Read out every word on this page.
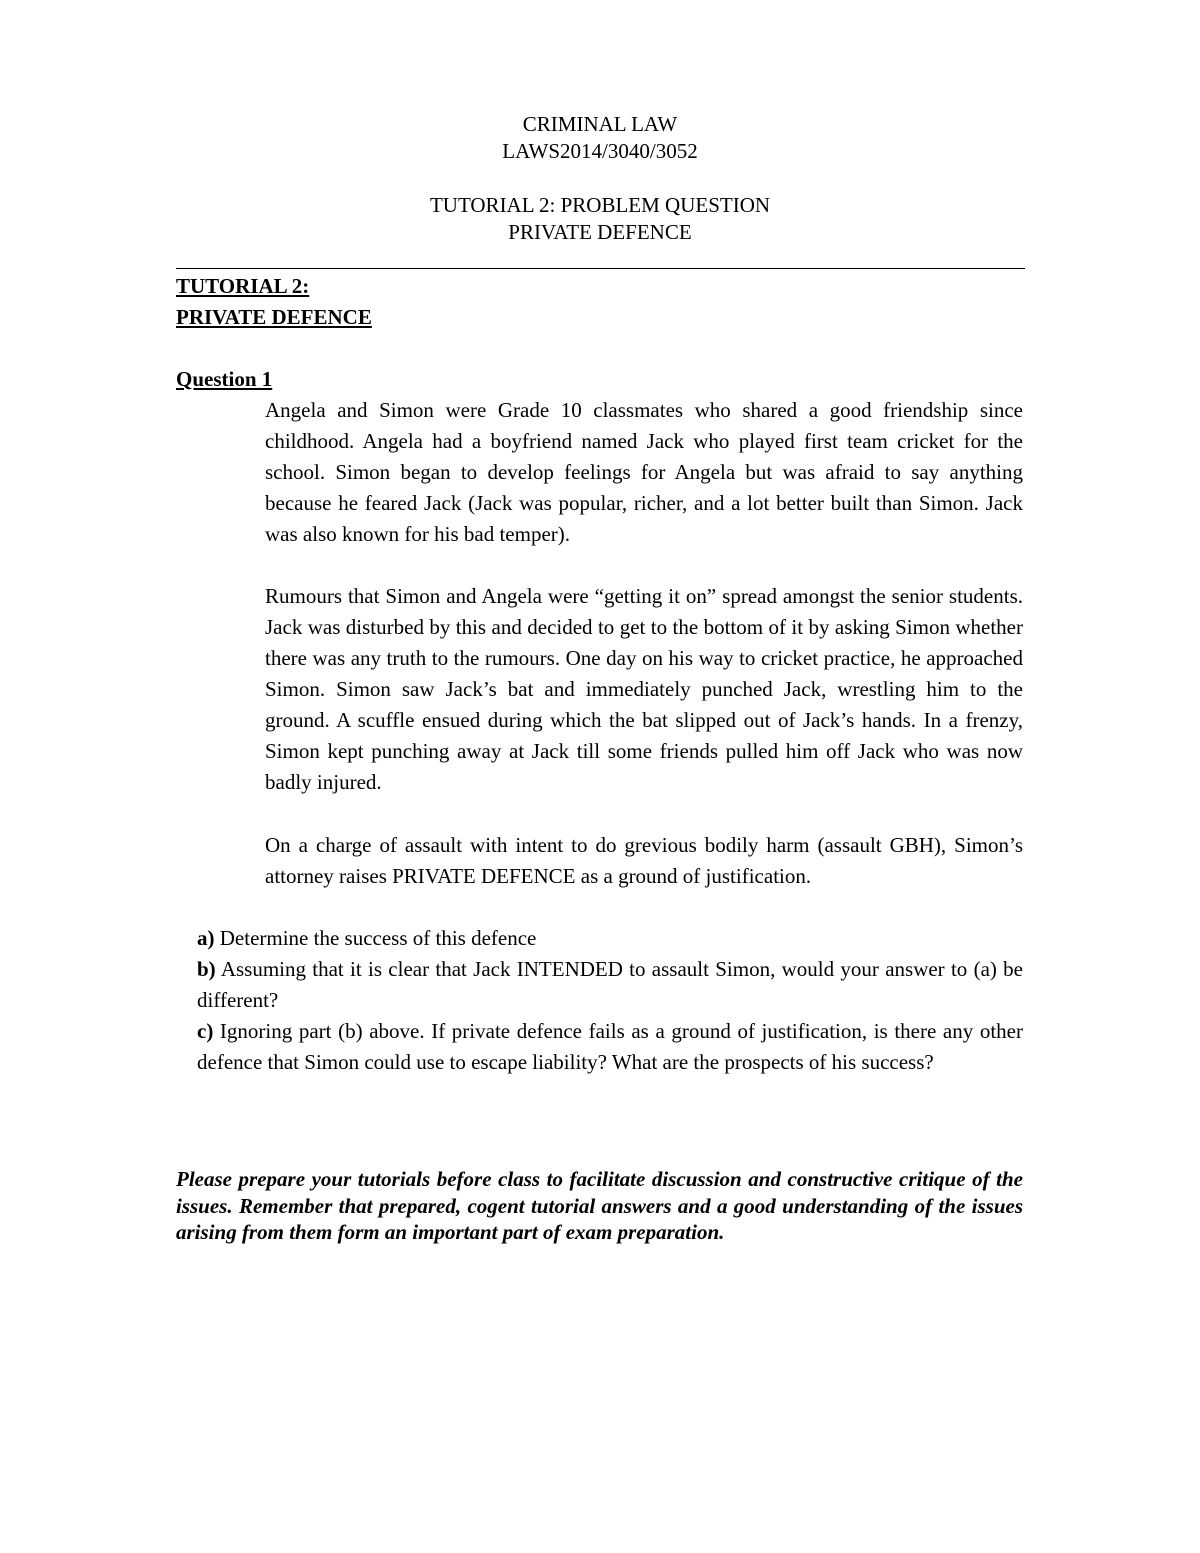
CRIMINAL LAW
LAWS2014/3040/3052
TUTORIAL 2: PROBLEM QUESTION
PRIVATE DEFENCE
TUTORIAL 2:
PRIVATE DEFENCE
Question 1
Angela and Simon were Grade 10 classmates who shared a good friendship since childhood. Angela had a boyfriend named Jack who played first team cricket for the school. Simon began to develop feelings for Angela but was afraid to say anything because he feared Jack (Jack was popular, richer, and a lot better built than Simon. Jack was also known for his bad temper).
Rumours that Simon and Angela were “getting it on” spread amongst the senior students. Jack was disturbed by this and decided to get to the bottom of it by asking Simon whether there was any truth to the rumours. One day on his way to cricket practice, he approached Simon. Simon saw Jack’s bat and immediately punched Jack, wrestling him to the ground. A scuffle ensued during which the bat slipped out of Jack’s hands. In a frenzy, Simon kept punching away at Jack till some friends pulled him off Jack who was now badly injured.
On a charge of assault with intent to do grevious bodily harm (assault GBH), Simon’s attorney raises PRIVATE DEFENCE as a ground of justification.

a) Determine the success of this defence

b) Assuming that it is clear that Jack INTENDED to assault Simon, would your answer to (a) be different?

c) Ignoring part (b) above. If private defence fails as a ground of justification, is there any other defence that Simon could use to escape liability? What are the prospects of his success?

Please prepare your tutorials before class to facilitate discussion and constructive critique of the issues. Remember that prepared, cogent tutorial answers and a good understanding of the issues arising from them form an important part of exam preparation.
